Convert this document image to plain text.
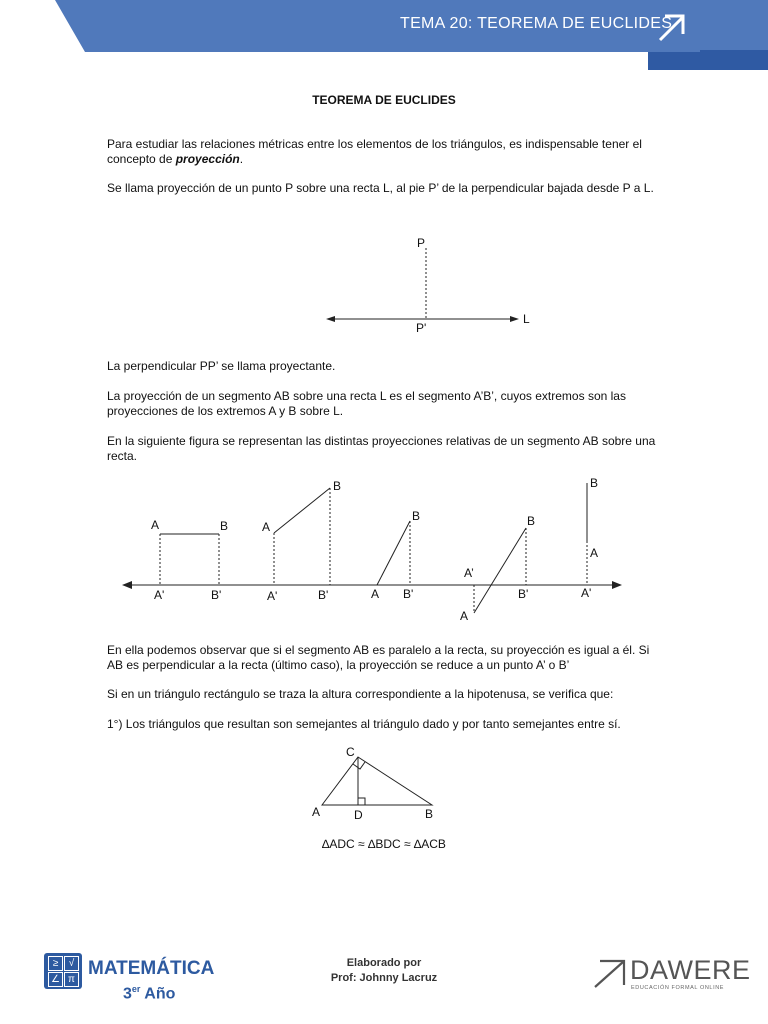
TEMA 20: TEOREMA DE EUCLIDES
TEOREMA DE EUCLIDES
Para estudiar las relaciones métricas entre los elementos de los triángulos, es indispensable tener el concepto de proyección.
Se llama proyección de un punto P sobre una recta L, al pie P’ de la perpendicular bajada desde P a L.
P
P'
L
La perpendicular PP’ se llama proyectante.
La proyección de un segmento AB sobre una recta L es el segmento A’B’, cuyos extremos son las proyecciones de los extremos A y B sobre L.
En la siguiente figura se representan las distintas proyecciones relativas de un segmento AB sobre una recta.
A	B
A'	B'
A
B
A'	B'
B
A B'
B
A’
A
B'
B
A
A'
En ella podemos observar que si el segmento AB es paralelo a la recta, su proyección es igual a él. Si AB es perpendicular a la recta (último caso), la proyección se reduce a un punto A’ o B’
Si en un triángulo rectángulo se traza la altura correspondiente a la hipotenusa, se verifica que:
1°) Los triángulos que resultan son semejantes al triángulo dado y por tanto semejantes entre sí.
C
A	D	B
∆ADC ≈ ∆BDC ≈ ∆ACB
≥	√
∠ π
MATEMÁTICA
3er Año
Elaborado por
Prof: Johnny Lacruz	DAWERE
EDUCACIÓN FORMAL ONLINE
